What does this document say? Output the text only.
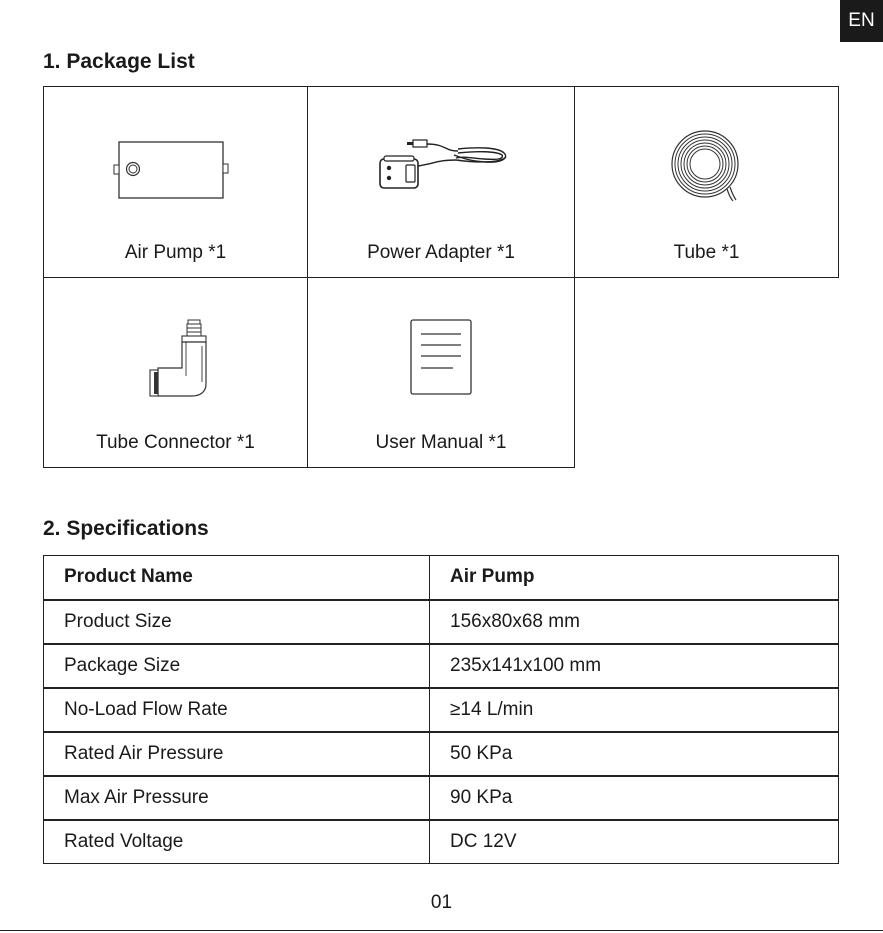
EN
1. Package List
Air Pump *1	Power Adapter *1	Tube *1
Tube Connector *1	User Manual *1
2. Specifications
Product Name	Air Pump
Product Size	156x80x68 mm
Package Size	235x141x100 mm
No-Load Flow Rate	≥14 L/min
Rated Air Pressure	50 KPa
Max Air Pressure	90 KPa
Rated Voltage	DC 12V
01
